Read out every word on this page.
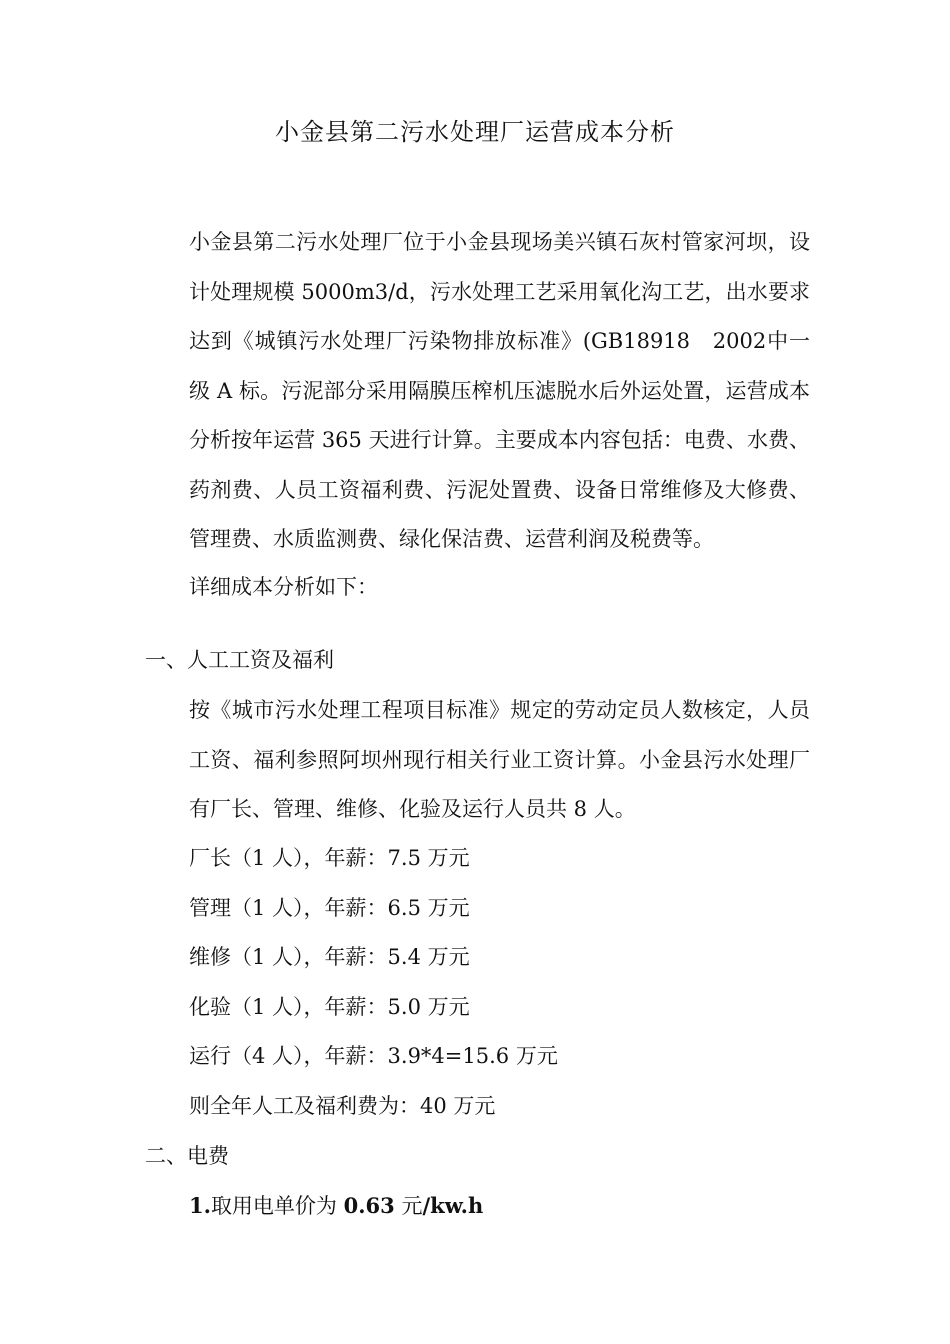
小金县第二污水处理厂运营成本分析
小金县第二污水处理厂位于小金县现场美兴镇石灰村管家河坝，设计处理规模 5000m3/d，污水处理工艺采用氧化沟工艺，出水要求达到《城镇污水处理厂污染物排放标准》(GB18918　2002中一级 A 标。污泥部分采用隔膜压榨机压滤脱水后外运处置，运营成本分析按年运营 365 天进行计算。主要成本内容包括：电费、水费、药剂费、人员工资福利费、污泥处置费、设备日常维修及大修费、管理费、水质监测费、绿化保洁费、运营利润及税费等。
详细成本分析如下：
一、人工工资及福利
按《城市污水处理工程项目标准》规定的劳动定员人数核定，人员工资、福利参照阿坝州现行相关行业工资计算。小金县污水处理厂有厂长、管理、维修、化验及运行人员共 8 人。
厂长（1 人），年薪：7.5 万元
管理（1 人），年薪：6.5 万元
维修（1 人），年薪：5.4 万元
化验（1 人），年薪：5.0 万元
运行（4 人），年薪：3.9*4=15.6 万元
则全年人工及福利费为：40 万元
二、电费
1.取用电单价为 0.63 元/kw.h
